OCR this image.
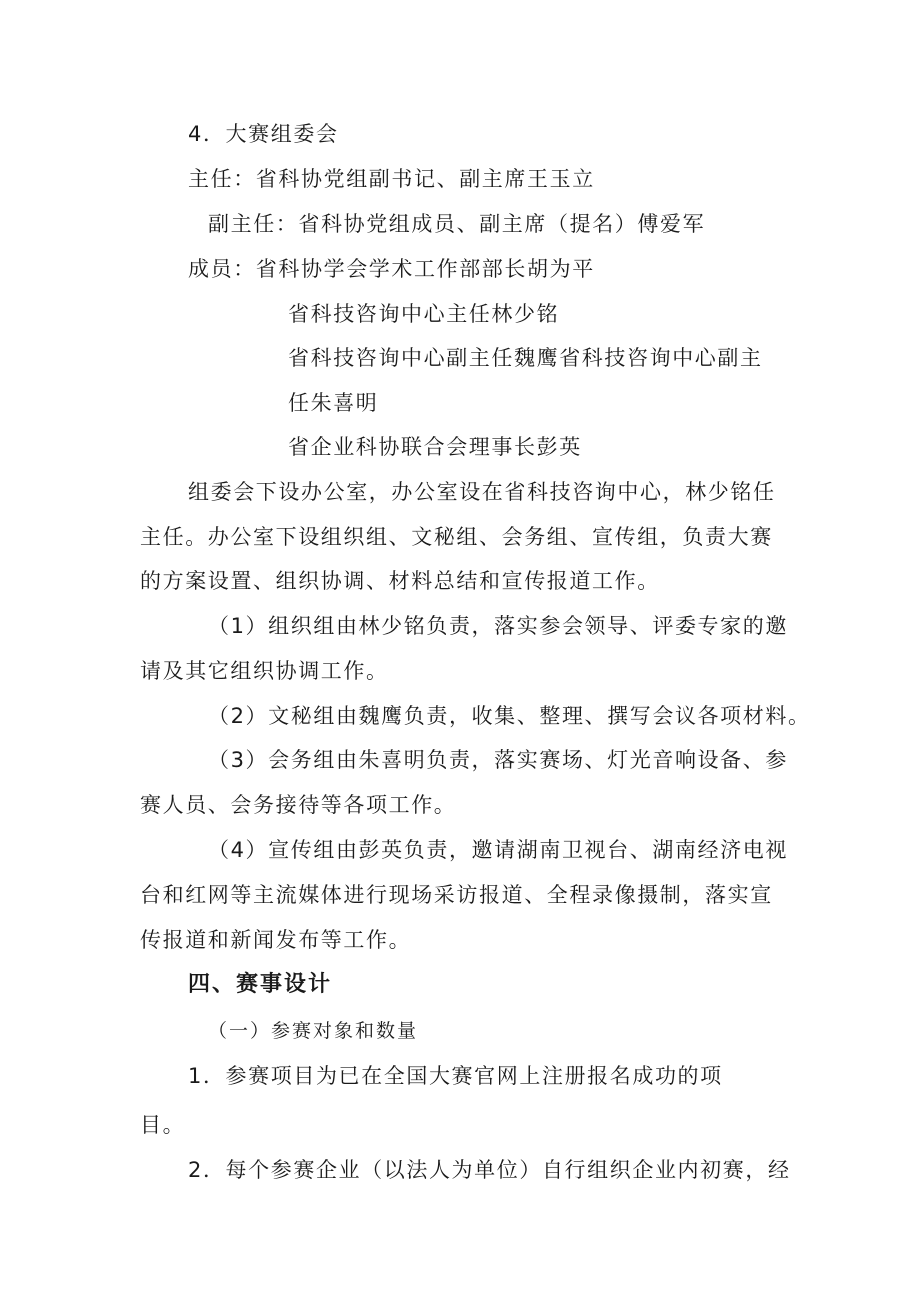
4．大赛组委会
主任：省科协党组副书记、副主席王玉立
副主任：省科协党组成员、副主席（提名）傅爱军
成员：省科协学会学术工作部部长胡为平
省科技咨询中心主任林少铭
省科技咨询中心副主任魏鹰省科技咨询中心副主
任朱喜明
省企业科协联合会理事长彭英
组委会下设办公室，办公室设在省科技咨询中心，林少铭任
主任。办公室下设组织组、文秘组、会务组、宣传组，负责大赛
的方案设置、组织协调、材料总结和宣传报道工作。
（1）组织组由林少铭负责，落实参会领导、评委专家的邀
请及其它组织协调工作。
（2）文秘组由魏鹰负责，收集、整理、撰写会议各项材料。
（3）会务组由朱喜明负责，落实赛场、灯光音响设备、参
赛人员、会务接待等各项工作。
（4）宣传组由彭英负责，邀请湖南卫视台、湖南经济电视
台和红网等主流媒体进行现场采访报道、全程录像摄制，落实宣
传报道和新闻发布等工作。
四、赛事设计
（一）参赛对象和数量
1．参赛项目为已在全国大赛官网上注册报名成功的项
目。
2．每个参赛企业（以法人为单位）自行组织企业内初赛，经
